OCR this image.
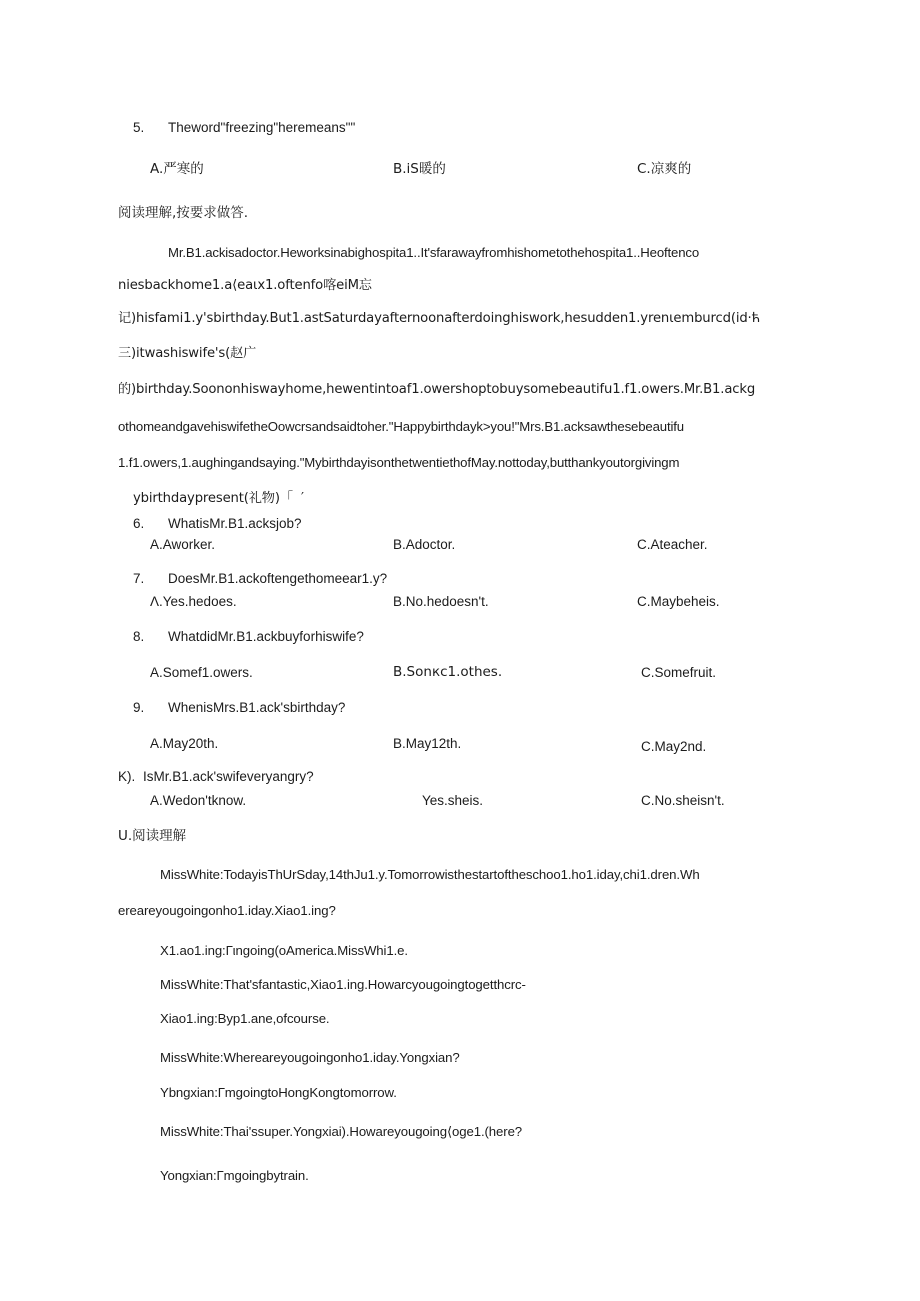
5. Theword"freezing"heremeans""
A.严寒的	B.iS暖的	C.凉爽的
阅读理解,按要求做答.
Mr.B1.ackisadoctor.Heworksinabighospita1..It'sfarawayfromhishometothehospita1..Heoftenco
niesbackhome1.a⟨eaιx1.oftenfo喀eiM忘
记)hisfami1.y'sbirthday.But1.astSaturdayafternoonafterdoinghiswork,hesudden1.yrenιemburcd(id·ћ
三)itwashiswife's(赵广
的)birthday.Soononhiswayhome,hewentintoaf1.owershoptobuysomebeautifu1.f1.owers.Mr.B1.ackg
othomeandgavehiswifetheOowcrsandsaidtoher."Happybirthdayk>you!"Mrs.B1.acksawthesebeautifu
1.f1.owers,1.aughingandsaying."MybirthdayisonthetwentiethofMay.nottoday,butthankyoutorgivingm
ybirthdaypresent(礼物)「  ′
6. WhatisMr.B1.acksjob?
A.Aworker.	B.Adoctor.	C.Ateacher.
7. DoesMr.B1.ackoftengethomeear1.y?
Λ.Yes.hedoes.	B.No.hedoesn't.	C.Maybeheis.
8. WhatdidMr.B1.ackbuyforhiswife?
A.Somef1.owers.	B.Sonкc1.othes.	C.Somefruit.
9. WhenisMrs.B1.ack'sbirthday?
A.May20th.	B.May12th.	C.May2nd.
K). IsMr.B1.ack'swifeveryangry?
A.Wedon'tknow.	Yes.sheis.	C.No.sheisn't.
U.阅读理解
MissWhite:TodayisThUrSday,14thJu1.y.Tomorrowisthestartoftheschoo1.ho1.iday,chi1.dren.Wh
ereareyougoingonho1.iday.Xiao1.ing?
X1.ao1.ing:Гιngoing(oAmerica.MissWhi1.e.
MissWhite:That'sfantastic,Xiao1.ing.Howarcyougoingtogetthcrc-
Xiao1.ing:Byp1.ane,ofcourse.
MissWhite:Whereareyougoingonho1.iday.Yongxian?
Ybngxian:ГmgoingtoHongKongtomorrow.
MissWhite:Thai'ssuper.Yongxiai).Howareyougoing⟨oge1.(here?
Yongxian:Гmgoingbytrain.
